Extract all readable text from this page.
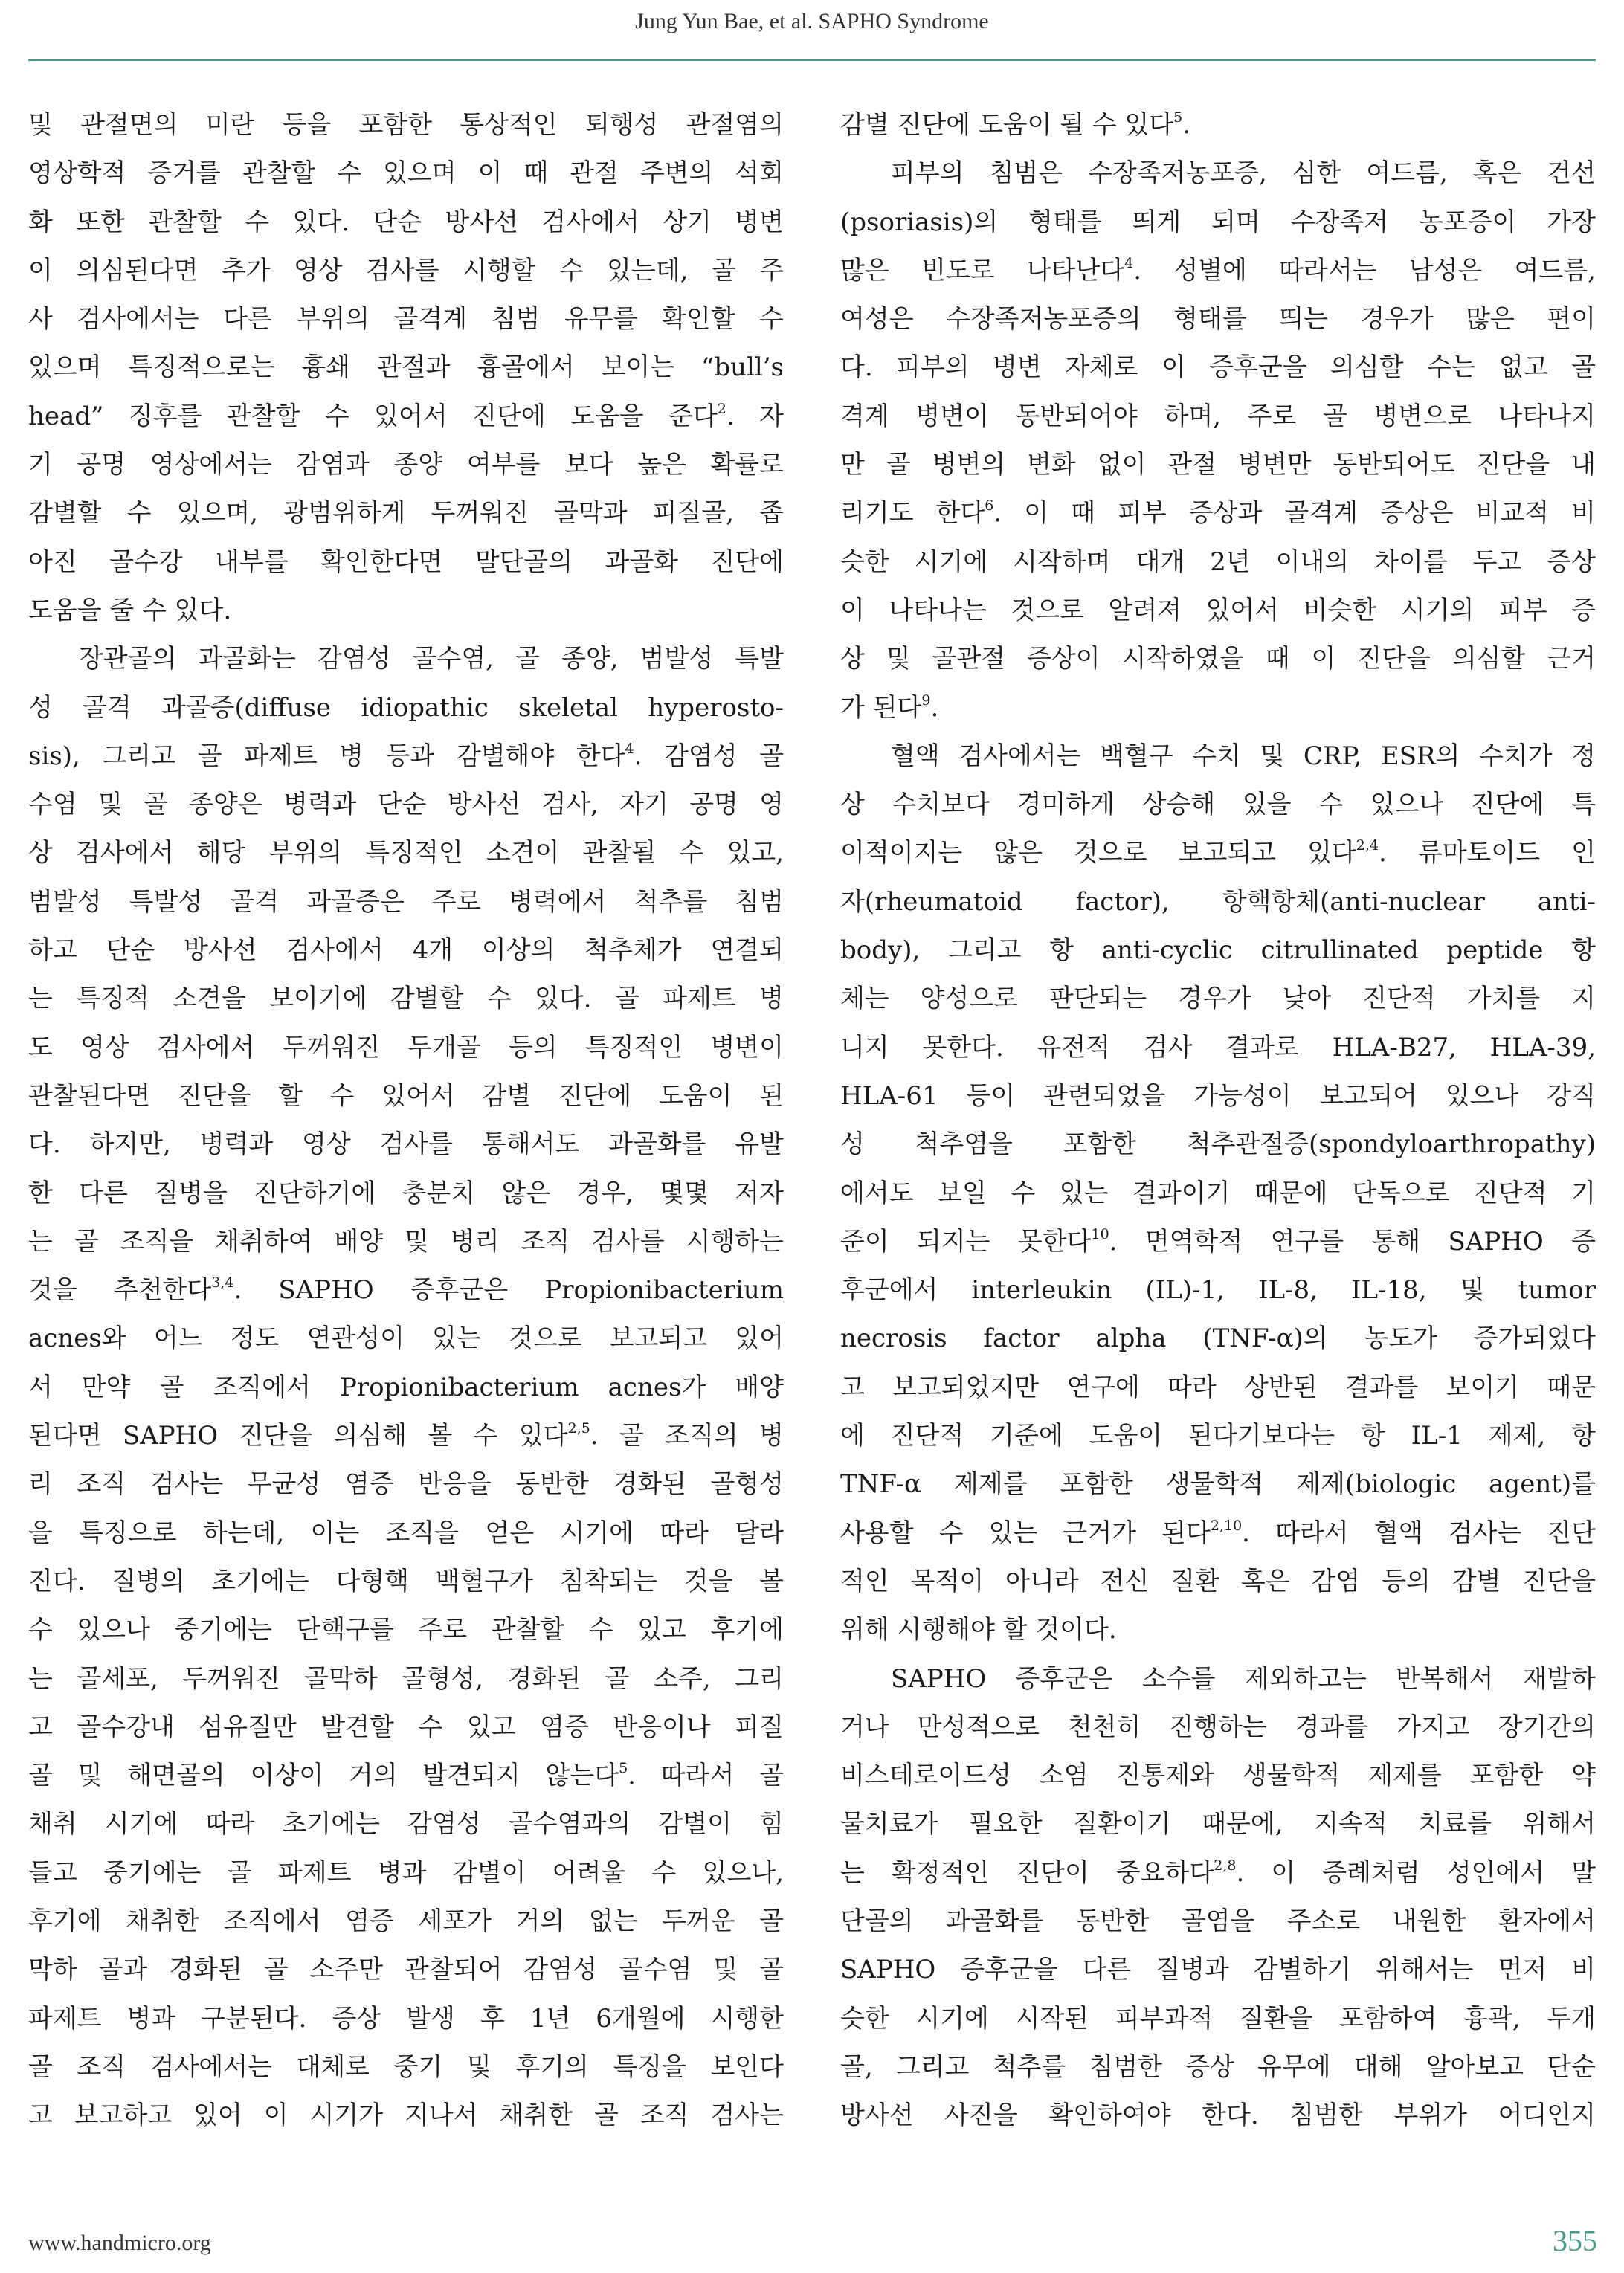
Jung Yun Bae, et al. SAPHO Syndrome
및 관절면의 미란 등을 포함한 통상적인 퇴행성 관절염의
영상학적 증거를 관찰할 수 있으며 이 때 관절 주변의 석회
화 또한 관찰할 수 있다. 단순 방사선 검사에서 상기 병변
이 의심된다면 추가 영상 검사를 시행할 수 있는데, 골 주
사 검사에서는 다른 부위의 골격계 침범 유무를 확인할 수
있으며 특징적으로는 흉쇄 관절과 흉골에서 보이는 “bull’s
head” 징후를 관찰할 수 있어서 진단에 도움을 준다$^2$. 자
기 공명 영상에서는 감염과 종양 여부를 보다 높은 확률로
감별할 수 있으며, 광범위하게 두꺼워진 골막과 피질골, 좁
아진 골수강 내부를 확인한다면 말단골의 과골화 진단에
도움을 줄 수 있다.
장관골의 과골화는 감염성 골수염, 골 종양, 범발성 특발
성 골격 과골증(diffuse idiopathic skeletal hyperosto-
sis), 그리고 골 파제트 병 등과 감별해야 한다$^4$. 감염성 골
수염 및 골 종양은 병력과 단순 방사선 검사, 자기 공명 영
상 검사에서 해당 부위의 특징적인 소견이 관찰될 수 있고,
범발성 특발성 골격 과골증은 주로 병력에서 척추를 침범
하고 단순 방사선 검사에서 4개 이상의 척추체가 연결되
는 특징적 소견을 보이기에 감별할 수 있다. 골 파제트 병
도 영상 검사에서 두꺼워진 두개골 등의 특징적인 병변이
관찰된다면 진단을 할 수 있어서 감별 진단에 도움이 된
다. 하지만, 병력과 영상 검사를 통해서도 과골화를 유발
한 다른 질병을 진단하기에 충분치 않은 경우, 몇몇 저자
는 골 조직을 채취하여 배양 및 병리 조직 검사를 시행하는
것을 추천한다$^{3,4}$. SAPHO 증후군은 Propionibacterium
acnes와 어느 정도 연관성이 있는 것으로 보고되고 있어
서 만약 골 조직에서 Propionibacterium acnes가 배양
된다면 SAPHO 진단을 의심해 볼 수 있다$^{2,5}$. 골 조직의 병
리 조직 검사는 무균성 염증 반응을 동반한 경화된 골형성
을 특징으로 하는데, 이는 조직을 얻은 시기에 따라 달라
진다. 질병의 초기에는 다형핵 백혈구가 침착되는 것을 볼
수 있으나 중기에는 단핵구를 주로 관찰할 수 있고 후기에
는 골세포, 두꺼워진 골막하 골형성, 경화된 골 소주, 그리
고 골수강내 섬유질만 발견할 수 있고 염증 반응이나 피질
골 및 해면골의 이상이 거의 발견되지 않는다$^5$. 따라서 골
채취 시기에 따라 초기에는 감염성 골수염과의 감별이 힘
들고 중기에는 골 파제트 병과 감별이 어려울 수 있으나,
후기에 채취한 조직에서 염증 세포가 거의 없는 두꺼운 골
막하 골과 경화된 골 소주만 관찰되어 감염성 골수염 및 골
파제트 병과 구분된다. 증상 발생 후 1년 6개월에 시행한
골 조직 검사에서는 대체로 중기 및 후기의 특징을 보인다
고 보고하고 있어 이 시기가 지나서 채취한 골 조직 검사는
감별 진단에 도움이 될 수 있다$^5$.
피부의 침범은 수장족저농포증, 심한 여드름, 혹은 건선
(psoriasis)의 형태를 띄게 되며 수장족저 농포증이 가장
많은 빈도로 나타난다$^4$. 성별에 따라서는 남성은 여드름,
여성은 수장족저농포증의 형태를 띄는 경우가 많은 편이
다. 피부의 병변 자체로 이 증후군을 의심할 수는 없고 골
격계 병변이 동반되어야 하며, 주로 골 병변으로 나타나지
만 골 병변의 변화 없이 관절 병변만 동반되어도 진단을 내
리기도 한다$^6$. 이 때 피부 증상과 골격계 증상은 비교적 비
슷한 시기에 시작하며 대개 2년 이내의 차이를 두고 증상
이 나타나는 것으로 알려져 있어서 비슷한 시기의 피부 증
상 및 골관절 증상이 시작하였을 때 이 진단을 의심할 근거
가 된다$^9$.
혈액 검사에서는 백혈구 수치 및 CRP, ESR의 수치가 정
상 수치보다 경미하게 상승해 있을 수 있으나 진단에 특
이적이지는 않은 것으로 보고되고 있다$^{2,4}$. 류마토이드 인
자(rheumatoid factor), 항핵항체(anti-nuclear anti-
body), 그리고 항 anti-cyclic citrullinated peptide 항
체는 양성으로 판단되는 경우가 낮아 진단적 가치를 지
니지 못한다. 유전적 검사 결과로 HLA-B27, HLA-39,
HLA-61 등이 관련되었을 가능성이 보고되어 있으나 강직
성 척추염을 포함한 척추관절증(spondyloarthropathy)
에서도 보일 수 있는 결과이기 때문에 단독으로 진단적 기
준이 되지는 못한다$^{10}$. 면역학적 연구를 통해 SAPHO 증
후군에서 interleukin (IL)-1, IL-8, IL-18, 및 tumor
necrosis factor alpha (TNF-α)의 농도가 증가되었다
고 보고되었지만 연구에 따라 상반된 결과를 보이기 때문
에 진단적 기준에 도움이 된다기보다는 항 IL-1 제제, 항
TNF-α 제제를 포함한 생물학적 제제(biologic agent)를
사용할 수 있는 근거가 된다$^{2,10}$. 따라서 혈액 검사는 진단
적인 목적이 아니라 전신 질환 혹은 감염 등의 감별 진단을
위해 시행해야 할 것이다.
SAPHO 증후군은 소수를 제외하고는 반복해서 재발하
거나 만성적으로 천천히 진행하는 경과를 가지고 장기간의
비스테로이드성 소염 진통제와 생물학적 제제를 포함한 약
물치료가 필요한 질환이기 때문에, 지속적 치료를 위해서
는 확정적인 진단이 중요하다$^{2,8}$. 이 증례처럼 성인에서 말
단골의 과골화를 동반한 골염을 주소로 내원한 환자에서
SAPHO 증후군을 다른 질병과 감별하기 위해서는 먼저 비
슷한 시기에 시작된 피부과적 질환을 포함하여 흉곽, 두개
골, 그리고 척추를 침범한 증상 유무에 대해 알아보고 단순
방사선 사진을 확인하여야 한다. 침범한 부위가 어디인지
www.handmicro.org	355
